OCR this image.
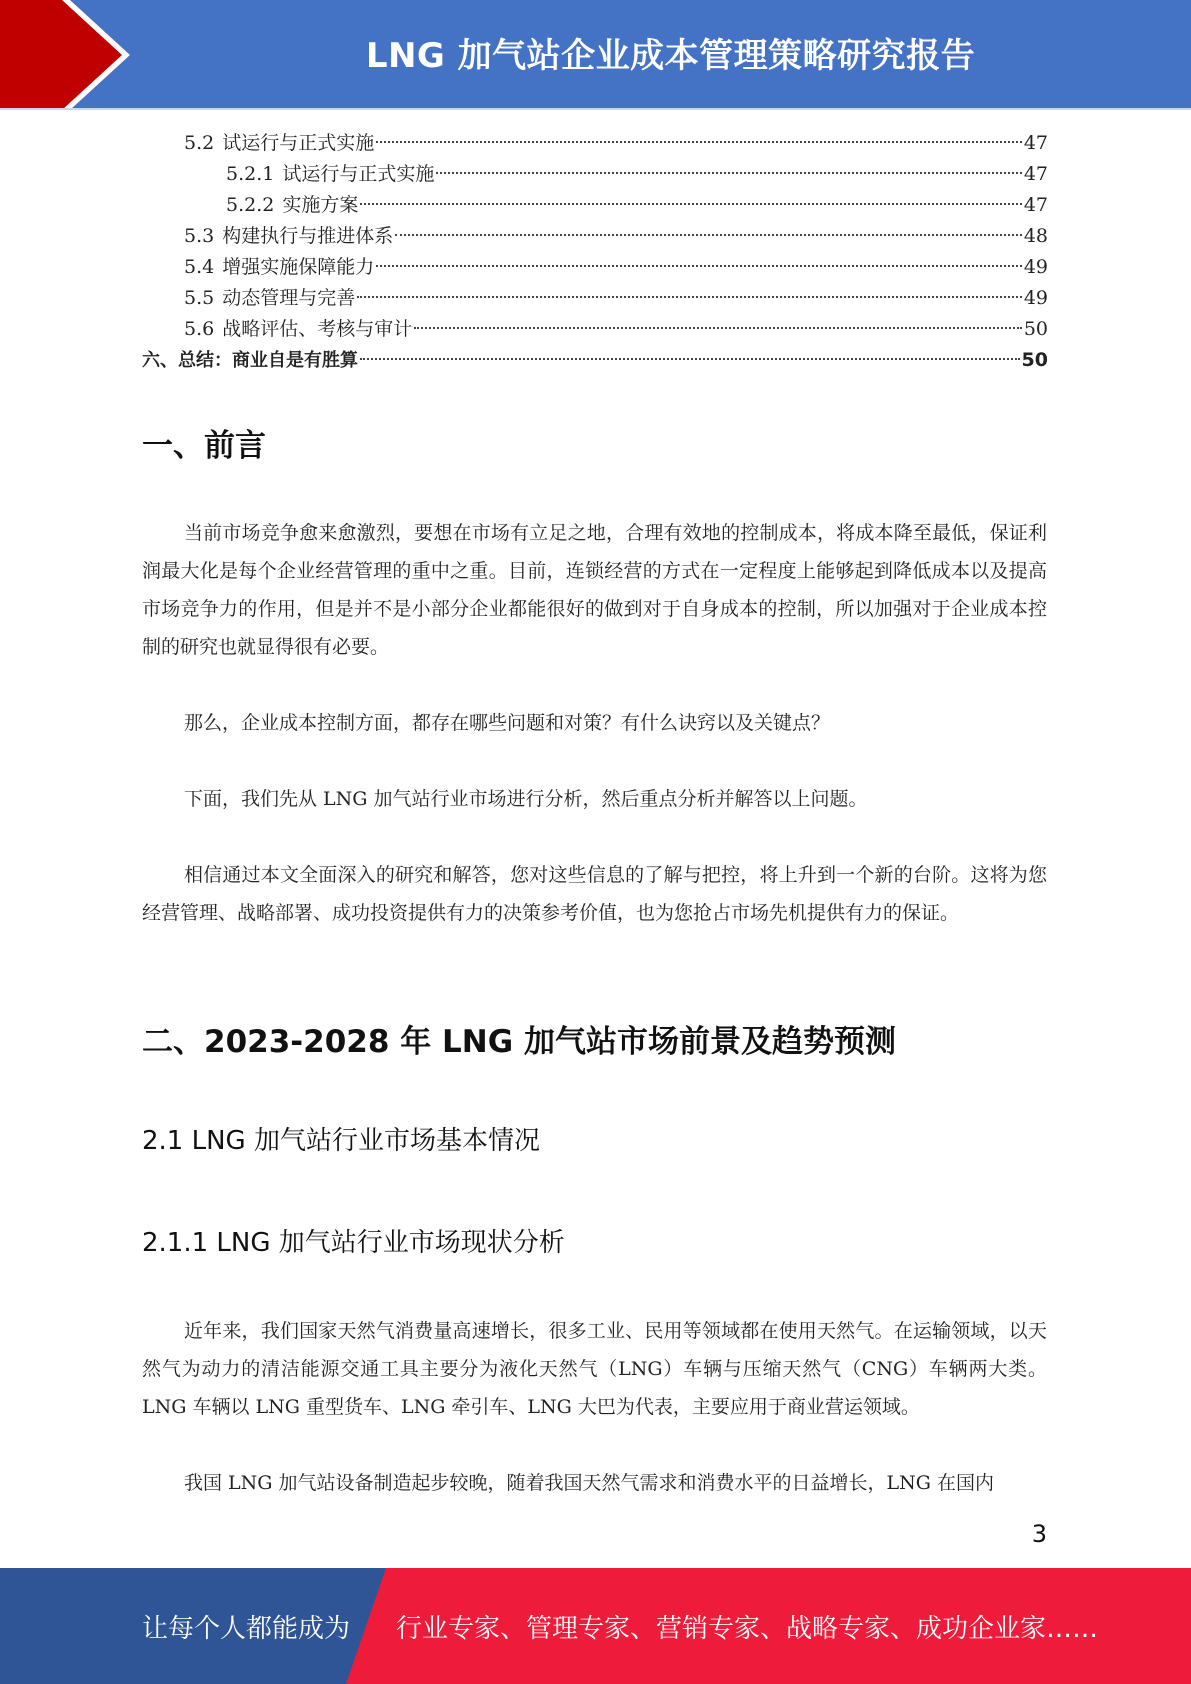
LNG 加气站企业成本管理策略研究报告
5.2 试运行与正式实施	47
5.2.1 试运行与正式实施	47
5.2.2 实施方案	47
5.3 构建执行与推进体系	48
5.4 增强实施保障能力	49
5.5 动态管理与完善	49
5.6 战略评估、考核与审计	50
六、总结：商业自是有胜算	50
一、前言
当前市场竞争愈来愈激烈，要想在市场有立足之地，合理有效地的控制成本，将成本降至最低，保证利润最大化是每个企业经营管理的重中之重。目前，连锁经营的方式在一定程度上能够起到降低成本以及提高市场竞争力的作用，但是并不是小部分企业都能很好的做到对于自身成本的控制，所以加强对于企业成本控制的研究也就显得很有必要。
那么，企业成本控制方面，都存在哪些问题和对策？有什么诀窍以及关键点？
下面，我们先从 LNG 加气站行业市场进行分析，然后重点分析并解答以上问题。
相信通过本文全面深入的研究和解答，您对这些信息的了解与把控，将上升到一个新的台阶。这将为您经营管理、战略部署、成功投资提供有力的决策参考价值，也为您抢占市场先机提供有力的保证。
二、2023-2028 年 LNG 加气站市场前景及趋势预测
2.1 LNG 加气站行业市场基本情况
2.1.1 LNG 加气站行业市场现状分析
近年来，我们国家天然气消费量高速增长，很多工业、民用等领域都在使用天然气。在运输领域，以天然气为动力的清洁能源交通工具主要分为液化天然气（LNG）车辆与压缩天然气（CNG）车辆两大类。LNG 车辆以 LNG 重型货车、LNG 牵引车、LNG 大巴为代表，主要应用于商业营运领域。
我国 LNG 加气站设备制造起步较晚，随着我国天然气需求和消费水平的日益增长，LNG 在国内
3
让每个人都能成为 行业专家、管理专家、营销专家、战略专家、成功企业家……
